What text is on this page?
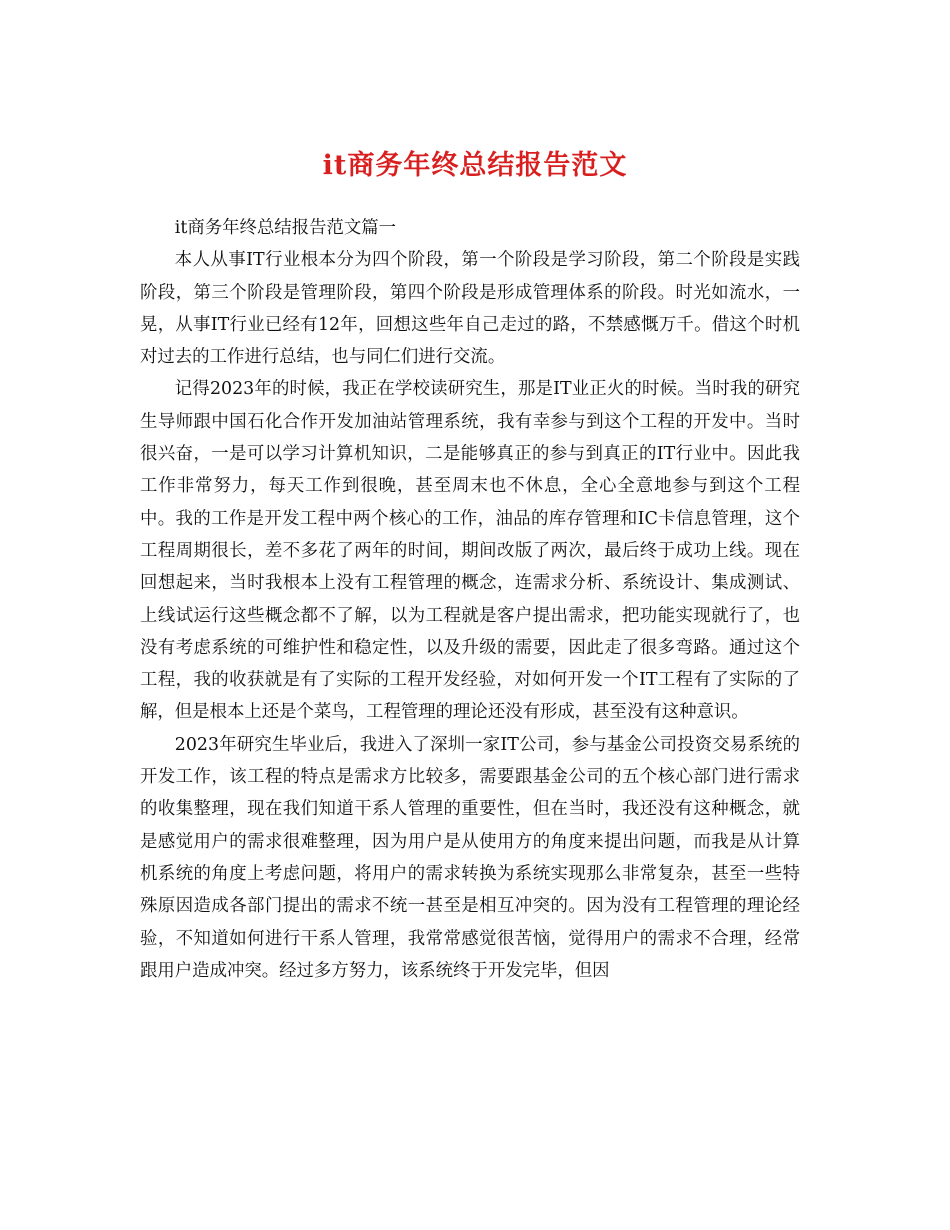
it商务年终总结报告范文

it商务年终总结报告范文篇一

本人从事IT行业根本分为四个阶段，第一个阶段是学习阶段，第二个阶段是实践阶段，第三个阶段是管理阶段，第四个阶段是形成管理体系的阶段。时光如流水，一晃，从事IT行业已经有12年，回想这些年自己走过的路，不禁感慨万千。借这个时机对过去的工作进行总结，也与同仁们进行交流。

记得2023年的时候，我正在学校读研究生，那是IT业正火的时候。当时我的研究生导师跟中国石化合作开发加油站管理系统，我有幸参与到这个工程的开发中。当时很兴奋，一是可以学习计算机知识，二是能够真正的参与到真正的IT行业中。因此我工作非常努力，每天工作到很晚，甚至周末也不休息，全心全意地参与到这个工程中。我的工作是开发工程中两个核心的工作，油品的库存管理和IC卡信息管理，这个工程周期很长，差不多花了两年的时间，期间改版了两次，最后终于成功上线。现在回想起来，当时我根本上没有工程管理的概念，连需求分析、系统设计、集成测试、上线试运行这些概念都不了解，以为工程就是客户提出需求，把功能实现就行了，也没有考虑系统的可维护性和稳定性，以及升级的需要，因此走了很多弯路。通过这个工程，我的收获就是有了实际的工程开发经验，对如何开发一个IT工程有了实际的了解，但是根本上还是个菜鸟，工程管理的理论还没有形成，甚至没有这种意识。

2023年研究生毕业后，我进入了深圳一家IT公司，参与基金公司投资交易系统的开发工作，该工程的特点是需求方比较多，需要跟基金公司的五个核心部门进行需求的收集整理，现在我们知道干系人管理的重要性，但在当时，我还没有这种概念，就是感觉用户的需求很难整理，因为用户是从使用方的角度来提出问题，而我是从计算机系统的角度上考虑问题，将用户的需求转换为系统实现那么非常复杂，甚至一些特殊原因造成各部门提出的需求不统一甚至是相互冲突的。因为没有工程管理的理论经验，不知道如何进行干系人管理，我常常感觉很苦恼，觉得用户的需求不合理，经常跟用户造成冲突。经过多方努力，该系统终于开发完毕，但因
